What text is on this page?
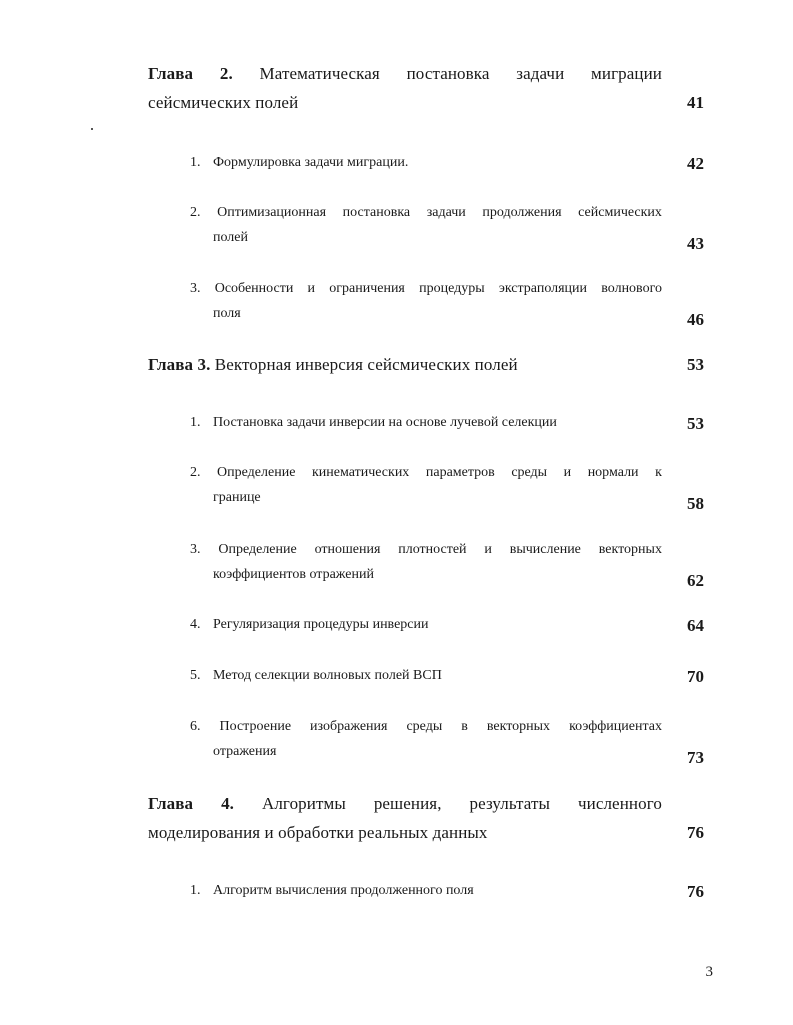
Глава 2. Математическая постановка задачи миграции
сейсмических полей	41
1. Формулировка задачи миграции.	42
2. Оптимизационная постановка задачи продолжения сейсмических
полей	43
3. Особенности и ограничения процедуры экстраполяции волнового
поля	46
Глава 3. Векторная инверсия сейсмических полей	53
1. Постановка задачи инверсии на основе лучевой селекции	53
2. Определение кинематических параметров среды и нормали к
границе	58
3. Определение отношения плотностей и вычисление векторных
коэффициентов отражений	62
4. Регуляризация процедуры инверсии	64
5. Метод селекции волновых полей ВСП	70
6. Построение изображения среды в векторных коэффициентах
отражения	73
Глава 4. Алгоритмы решения, результаты численного
моделирования и обработки реальных данных	76
1. Алгоритм вычисления продолженного поля	76
3
